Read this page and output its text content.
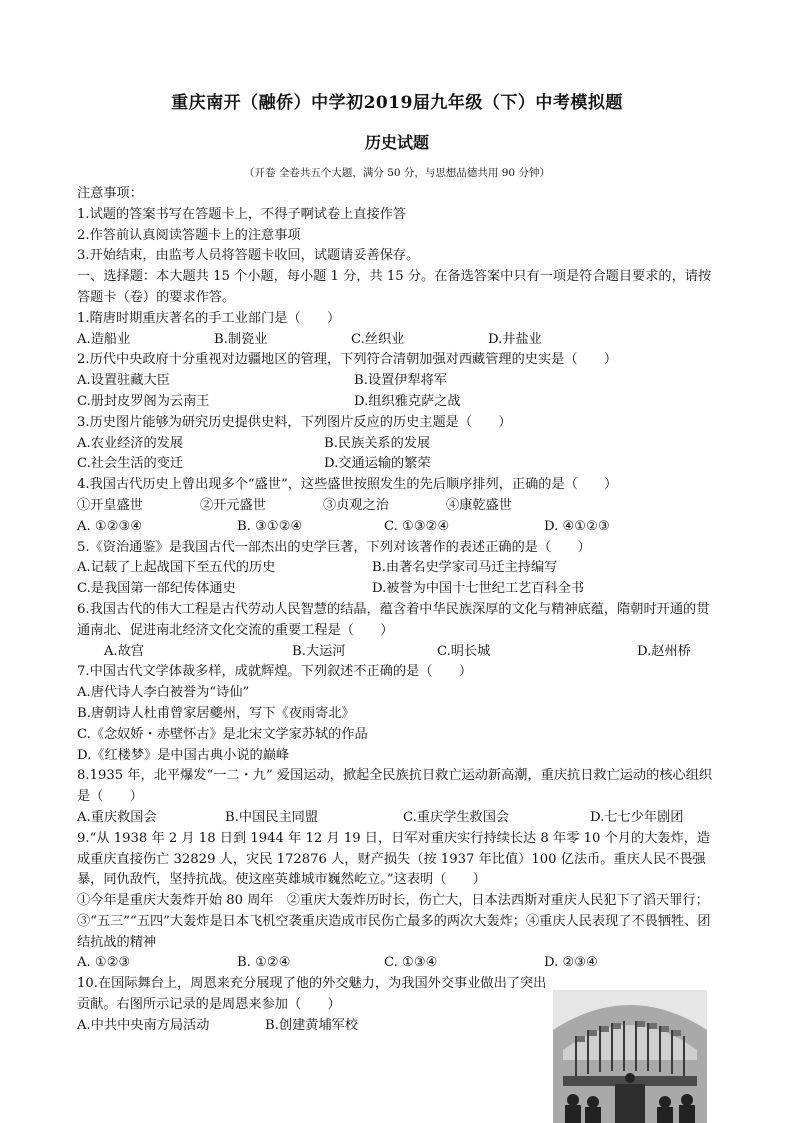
重庆南开（融侨）中学初2019届九年级（下）中考模拟题
历史试题
（开卷 全卷共五个大题，满分 50 分，与思想品德共用 90 分钟）
注意事项：
1.试题的答案书写在答题卡上，不得子啊试卷上直接作答
2.作答前认真阅读答题卡上的注意事项
3.开始结束，由监考人员将答题卡收回，试题请妥善保存。
一、选择题：本大题共 15 个小题，每小题 1 分，共 15 分。在备选答案中只有一项是符合题目要求的，请按答题卡（卷）的要求作答。
1.隋唐时期重庆著名的手工业部门是（　　）
A.造船业	B.制瓷业	C.丝织业	D.井盐业
2.历代中央政府十分重视对边疆地区的管理，下列符合清朝加强对西藏管理的史实是（　　）
A.设置驻藏大臣	B.设置伊犁将军
C.册封皮罗阁为云南王	D.组织雅克萨之战
3.历史图片能够为研究历史提供史料，下列图片反应的历史主题是（　　）
A.农业经济的发展	B.民族关系的发展
C.社会生活的变迁	D.交通运输的繁荣
4.我国古代历史上曾出现多个“盛世”，这些盛世按照发生的先后顺序排列，正确的是（　　）
①开皇盛世	②开元盛世	③贞观之治	④康乾盛世
A. ①②③④	B. ③①②④	C. ①③②④	D. ④①②③
5.《资治通鉴》是我国古代一部杰出的史学巨著，下列对该著作的表述正确的是（　　）
A.记载了上起战国下至五代的历史	B.由著名史学家司马迁主持编写
C.是我国第一部纪传体通史	D.被誉为中国十七世纪工艺百科全书
6.我国古代的伟大工程是古代劳动人民智慧的结晶，蕴含着中华民族深厚的文化与精神底蕴，隋朝时开通的贯通南北、促进南北经济文化交流的重要工程是（　　）
A.故宫	B.大运河	C.明长城	D.赵州桥
7.中国古代文学体裁多样，成就辉煌。下列叙述不正确的是（　　）
A.唐代诗人李白被誉为“诗仙”
B.唐朝诗人杜甫曾家居夔州，写下《夜雨寄北》
C.《念奴娇・赤壁怀古》是北宋文学家苏轼的作品
D.《红楼梦》是中国古典小说的巅峰
8.1935 年，北平爆发“一二・九” 爱国运动，掀起全民族抗日救亡运动新高潮，重庆抗日救亡运动的核心组织是（　　）
A.重庆救国会	B.中国民主同盟	C.重庆学生救国会	D.七七少年剧团
9.“从 1938 年 2 月 18 日到 1944 年 12 月 19 日，日军对重庆实行持续长达 8 年零 10 个月的大轰炸，造成重庆直接伤亡 32829 人，灾民 172876 人，财产损失（按 1937 年比值）100 亿法币。重庆人民不畏强暴，同仇敌忾，坚持抗战。使这座英雄城市巍然屹立。”这表明（　　）
①今年是重庆大轰炸开始 80 周年　②重庆大轰炸历时长，伤亡大，日本法西斯对重庆人民犯下了滔天罪行；③“五三”“五四”大轰炸是日本飞机空袭重庆造成市民伤亡最多的两次大轰炸；④重庆人民表现了不畏牺牲、团结抗战的精神
A. ①②③	B. ①②④	C. ①③④	D. ②③④
10.在国际舞台上，周恩来充分展现了他的外交魅力，为我国外交事业做出了突出贡献。右图所示记录的是周恩来参加（　　）
A.中共中央南方局活动	B.创建黄埔军校
